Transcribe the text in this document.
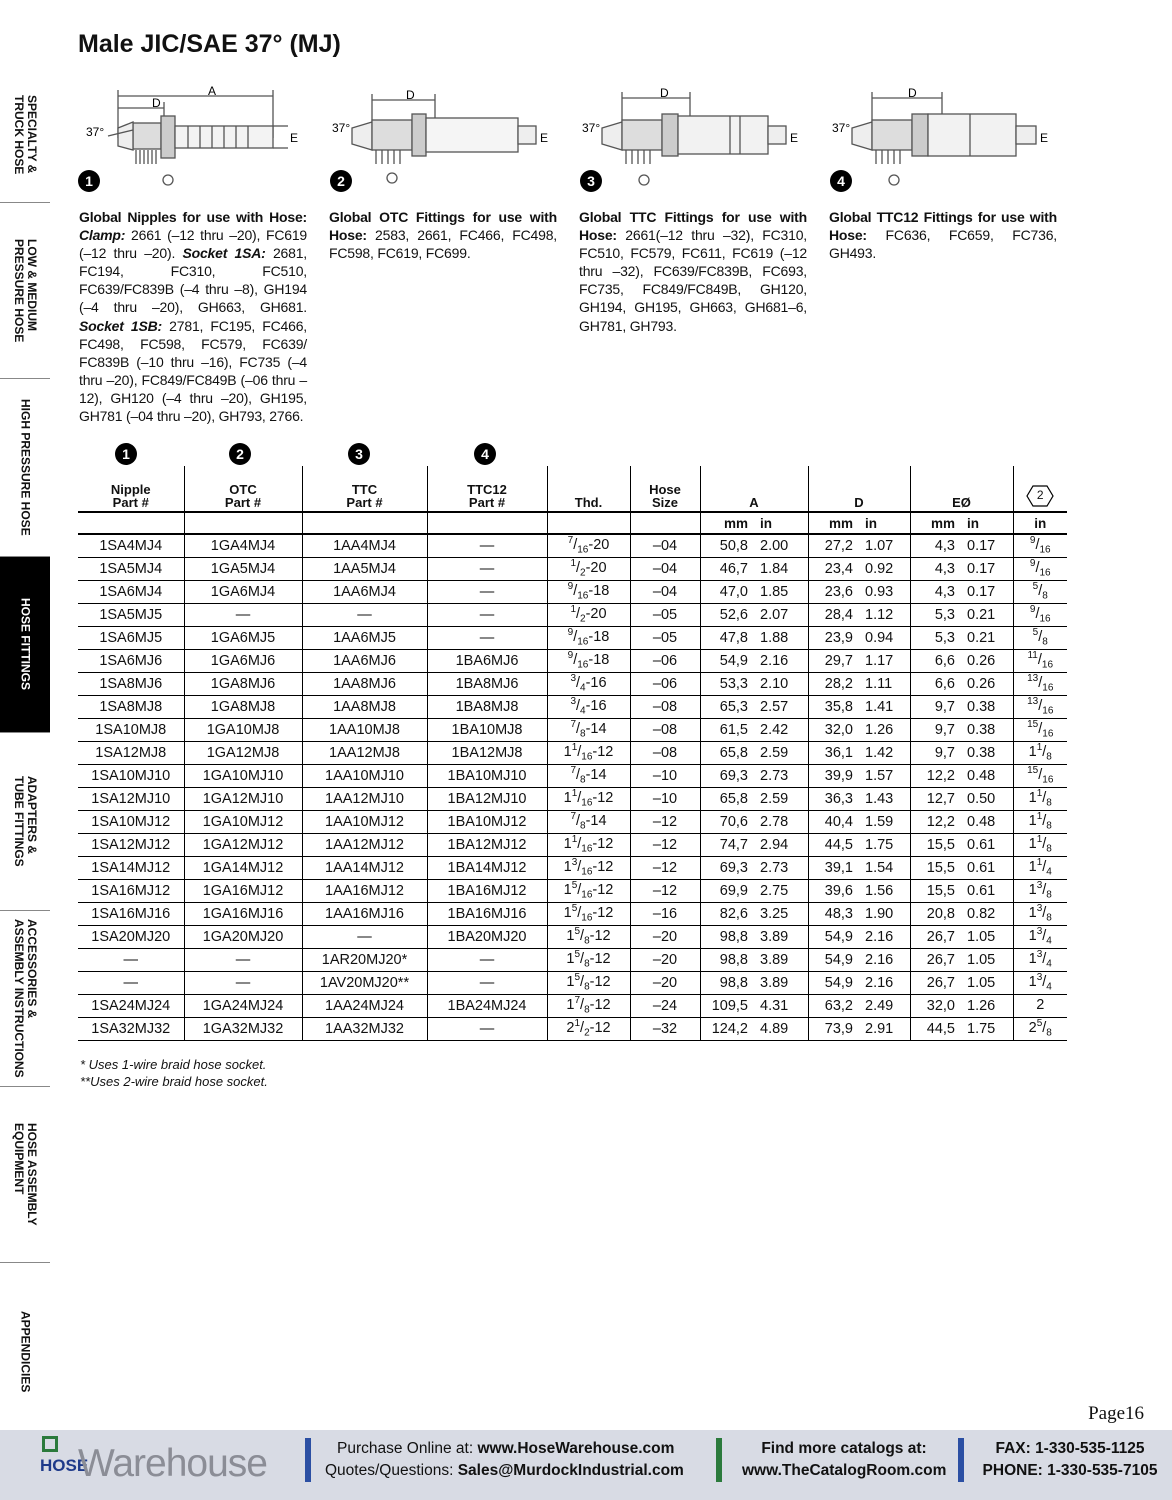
SPECIALTY &
TRUCK HOSE
LOW & MEDIUM
PRESSURE HOSE
HIGH PRESSURE HOSE
HOSE FITTINGS
ADAPTERS &
TUBE FITTINGS
ACCESSORIES &
ASSEMBLY INSTRUCTIONS
HOSE ASSEMBLY
EQUIPMENT
APPENDICIES
Male JIC/SAE 37° (MJ)
A
D
E
37°
1
D
E
37°
2
D
E
37°
3
D
E
37°
4
Global Nipples for use with Hose: Clamp: 2661 (–12 thru –20), FC619 (–12 thru –20). Socket 1SA: 2681, FC194, FC310, FC510, FC639/FC839B (–4 thru –8), GH194 (–4 thru –20), GH663, GH681. Socket 1SB: 2781, FC195, FC466, FC498, FC598, FC579, FC639/ FC839B (–10 thru –16), FC735 (–4 thru –20), FC849/FC849B (–06 thru –12), GH120 (–4 thru –20), GH195, GH781 (–04 thru –20), GH793, 2766.
Global OTC Fittings for use with Hose: 2583, 2661, FC466, FC498, FC598, FC619, FC699.
Global TTC Fittings for use with Hose: 2661(–12 thru –32), FC310, FC510, FC579, FC611, FC619 (–12 thru –32), FC639/FC839B, FC693, FC735, FC849/FC849B, GH120, GH194, GH195, GH663, GH681–6, GH781, GH793.
Global TTC12 Fittings for use with Hose: FC636, FC659, FC736, GH493.
1	2	3	4
Nipple
Part #	OTC
Part #	TTC
Part #	TTC12
Part #	Thd.	Hose
Size	A		D		EØ		2

						mm	in	mm	in	mm	in	in
1SA4MJ4	1GA4MJ4	1AA4MJ4	—	$^7/_{16}-20$	–04	50,8	2.00	27,2	1.07	4,3	0.17	$^9/_{16}$
1SA5MJ4	1GA5MJ4	1AA5MJ4	—	$^1/_2-20$	–04	46,7	1.84	23,4	0.92	4,3	0.17	$^9/_{16}$
1SA6MJ4	1GA6MJ4	1AA6MJ4	—	$^9/_{16}-18$	–04	47,0	1.85	23,6	0.93	4,3	0.17	$^5/_8$
1SA5MJ5	—	—	—	$^1/_2-20$	–05	52,6	2.07	28,4	1.12	5,3	0.21	$^9/_{16}$
1SA6MJ5	1GA6MJ5	1AA6MJ5	—	$^9/_{16}-18$	–05	47,8	1.88	23,9	0.94	5,3	0.21	$^5/_8$
1SA6MJ6	1GA6MJ6	1AA6MJ6	1BA6MJ6	$^9/_{16}-18$	–06	54,9	2.16	29,7	1.17	6,6	0.26	$^{11}/_{16}$
1SA8MJ6	1GA8MJ6	1AA8MJ6	1BA8MJ6	$^3/_4-16$	–06	53,3	2.10	28,2	1.11	6,6	0.26	$^{13}/_{16}$
1SA8MJ8	1GA8MJ8	1AA8MJ8	1BA8MJ8	$^3/_4-16$	–08	65,3	2.57	35,8	1.41	9,7	0.38	$^{13}/_{16}$
1SA10MJ8	1GA10MJ8	1AA10MJ8	1BA10MJ8	$^7/_8-14$	–08	61,5	2.42	32,0	1.26	9,7	0.38	$^{15}/_{16}$
1SA12MJ8	1GA12MJ8	1AA12MJ8	1BA12MJ8	$1^1/_{16}-12$	–08	65,8	2.59	36,1	1.42	9,7	0.38	$1^1/_8$
1SA10MJ10	1GA10MJ10	1AA10MJ10	1BA10MJ10	$^7/_8-14$	–10	69,3	2.73	39,9	1.57	12,2	0.48	$^{15}/_{16}$
1SA12MJ10	1GA12MJ10	1AA12MJ10	1BA12MJ10	$1^1/_{16}-12$	–10	65,8	2.59	36,3	1.43	12,7	0.50	$1^1/_8$
1SA10MJ12	1GA10MJ12	1AA10MJ12	1BA10MJ12	$^7/_8-14$	–12	70,6	2.78	40,4	1.59	12,2	0.48	$1^1/_8$
1SA12MJ12	1GA12MJ12	1AA12MJ12	1BA12MJ12	$1^1/_{16}-12$	–12	74,7	2.94	44,5	1.75	15,5	0.61	$1^1/_8$
1SA14MJ12	1GA14MJ12	1AA14MJ12	1BA14MJ12	$1^3/_{16}-12$	–12	69,3	2.73	39,1	1.54	15,5	0.61	$1^1/_4$
1SA16MJ12	1GA16MJ12	1AA16MJ12	1BA16MJ12	$1^5/_{16}-12$	–12	69,9	2.75	39,6	1.56	15,5	0.61	$1^3/_8$
1SA16MJ16	1GA16MJ16	1AA16MJ16	1BA16MJ16	$1^5/_{16}-12$	–16	82,6	3.25	48,3	1.90	20,8	0.82	$1^3/_8$
1SA20MJ20	1GA20MJ20	—	1BA20MJ20	$1^5/_8-12$	–20	98,8	3.89	54,9	2.16	26,7	1.05	$1^3/_4$
—	—	1AR20MJ20*	—	$1^5/_8-12$	–20	98,8	3.89	54,9	2.16	26,7	1.05	$1^3/_4$
—	—	1AV20MJ20**	—	$1^5/_8-12$	–20	98,8	3.89	54,9	2.16	26,7	1.05	$1^3/_4$
1SA24MJ24	1GA24MJ24	1AA24MJ24	1BA24MJ24	$1^7/_8-12$	–24	109,5	4.31	63,2	2.49	32,0	1.26	2
1SA32MJ32	1GA32MJ32	1AA32MJ32	—	$2^1/_2-12$	–32	124,2	4.89	73,9	2.91	44,5	1.75	$2^5/_8$
* Uses 1-wire braid hose socket.
**Uses 2-wire braid hose socket.
Page16
HOSE
Warehouse	Purchase Online at: www.HoseWarehouse.com
Quotes/Questions: Sales@MurdockIndustrial.com
Find more catalogs at:
www.TheCatalogRoom.com
FAX: 1-330-535-1125
PHONE: 1-330-535-7105
